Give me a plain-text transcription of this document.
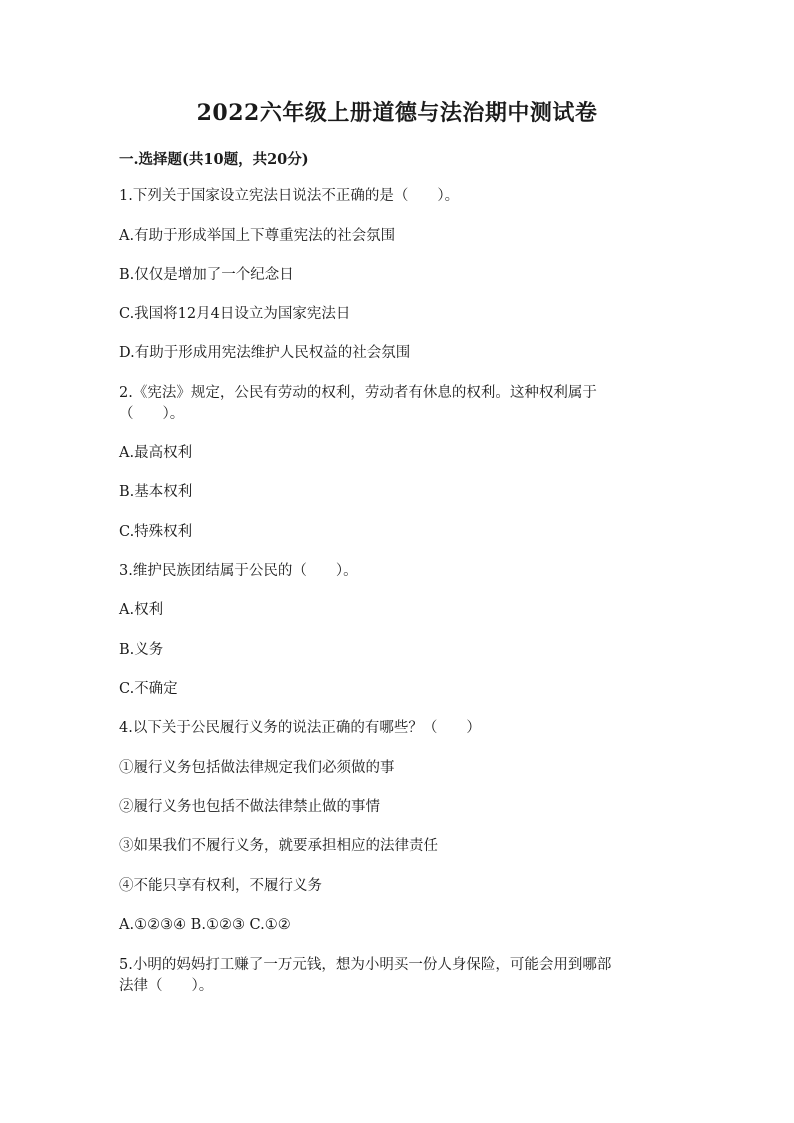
2022六年级上册道德与法治期中测试卷
一.选择题(共10题，共20分)
1.下列关于国家设立宪法日说法不正确的是（　　）。
A.有助于形成举国上下尊重宪法的社会氛围
B.仅仅是增加了一个纪念日
C.我国将12月4日设立为国家宪法日
D.有助于形成用宪法维护人民权益的社会氛围
2.《宪法》规定，公民有劳动的权利，劳动者有休息的权利。这种权利属于
（　　）。
A.最高权利
B.基本权利
C.特殊权利
3.维护民族团结属于公民的（　　）。
A.权利
B.义务
C.不确定
4.以下关于公民履行义务的说法正确的有哪些？（　　）
①履行义务包括做法律规定我们必须做的事
②履行义务也包括不做法律禁止做的事情
③如果我们不履行义务，就要承担相应的法律责任
④不能只享有权利，不履行义务
A.①②③④ B.①②③ C.①②
5.小明的妈妈打工赚了一万元钱，想为小明买一份人身保险，可能会用到哪部
法律（　　）。
